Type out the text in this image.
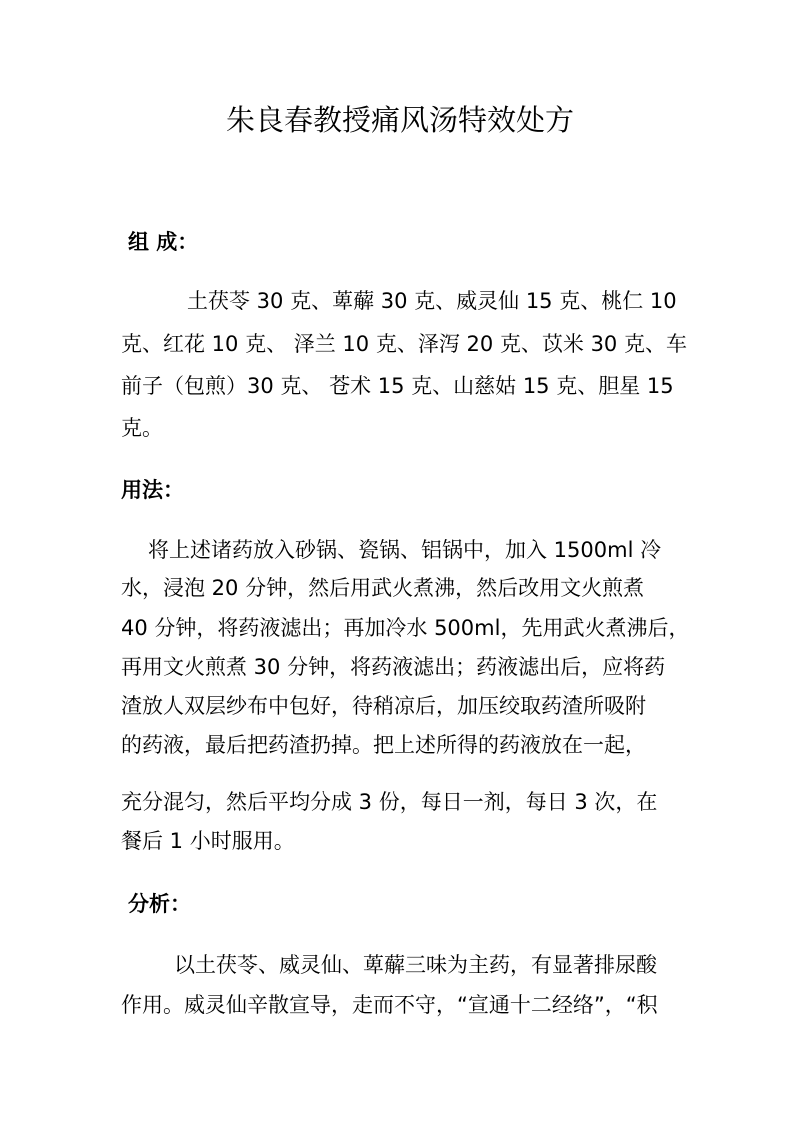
朱良春教授痛风汤特效处方
组 成：

土茯苓 30 克、萆薢 30 克、威灵仙 15 克、桃仁 10

克、红花 10 克、 泽兰 10 克、泽泻 20 克、苡米 30 克、车

前子（包煎）30 克、 苍术 15 克、山慈姑 15 克、胆星 15

克。

用法：

将上述诸药放入砂锅、瓷锅、铝锅中，加入 1500ml 冷

水，浸泡 20 分钟，然后用武火煮沸，然后改用文火煎煮

40 分钟，将药液滤出；再加冷水 500ml，先用武火煮沸后，

再用文火煎煮 30 分钟，将药液滤出；药液滤出后，应将药

渣放人双层纱布中包好，待稍凉后，加压绞取药渣所吸附

的药液，最后把药渣扔掉。把上述所得的药液放在一起，

充分混匀，然后平均分成 3 份，每日一剂，每日 3 次，在

餐后 1 小时服用。

分析：

以土茯苓、威灵仙、萆薢三味为主药，有显著排尿酸

作用。威灵仙辛散宣导，走而不守，“宣通十二经络”，“积
